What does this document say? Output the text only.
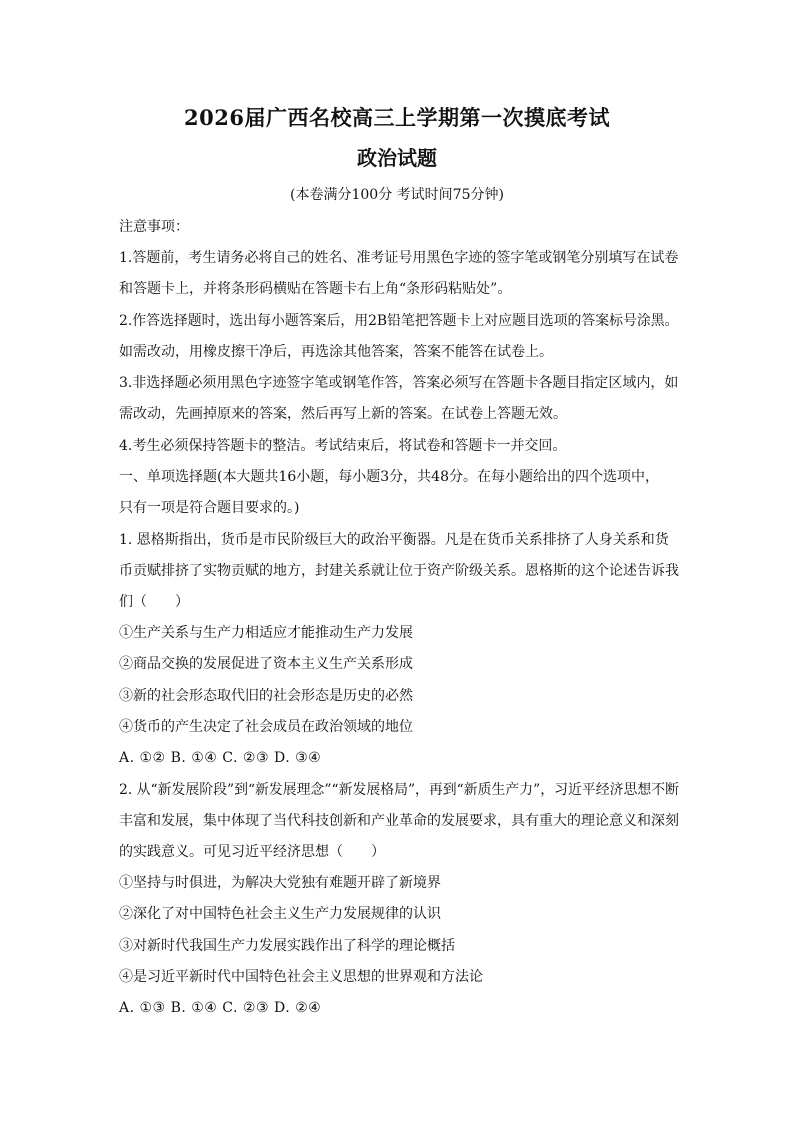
2026届广西名校高三上学期第一次摸底考试
政治试题
(本卷满分100分 考试时间75分钟)
注意事项：
1.答题前，考生请务必将自己的姓名、准考证号用黑色字迹的签字笔或钢笔分别填写在试卷
和答题卡上，并将条形码横贴在答题卡右上角“条形码粘贴处”。
2.作答选择题时，选出每小题答案后，用2B铅笔把答题卡上对应题目选项的答案标号涂黑。
如需改动，用橡皮擦干净后，再选涂其他答案，答案不能答在试卷上。
3.非选择题必须用黑色字迹签字笔或钢笔作答，答案必须写在答题卡各题目指定区域内，如
需改动，先画掉原来的答案，然后再写上新的答案。在试卷上答题无效。
4.考生必须保持答题卡的整洁。考试结束后，将试卷和答题卡一并交回。
一、单项选择题(本大题共16小题，每小题3分，共48分。在每小题给出的四个选项中，
只有一项是符合题目要求的。)
1. 恩格斯指出，货币是市民阶级巨大的政治平衡器。凡是在货币关系排挤了人身关系和货
币贡赋排挤了实物贡赋的地方，封建关系就让位于资产阶级关系。恩格斯的这个论述告诉我
们（　　）
①生产关系与生产力相适应才能推动生产力发展
②商品交换的发展促进了资本主义生产关系形成
③新的社会形态取代旧的社会形态是历史的必然
④货币的产生决定了社会成员在政治领域的地位
A. ①② B. ①④ C. ②③ D. ③④
2. 从“新发展阶段”到“新发展理念”“新发展格局”，再到“新质生产力”，习近平经济思想不断
丰富和发展，集中体现了当代科技创新和产业革命的发展要求，具有重大的理论意义和深刻
的实践意义。可见习近平经济思想（　　）
①坚持与时俱进，为解决大党独有难题开辟了新境界
②深化了对中国特色社会主义生产力发展规律的认识
③对新时代我国生产力发展实践作出了科学的理论概括
④是习近平新时代中国特色社会主义思想的世界观和方法论
A. ①③ B. ①④ C. ②③ D. ②④
